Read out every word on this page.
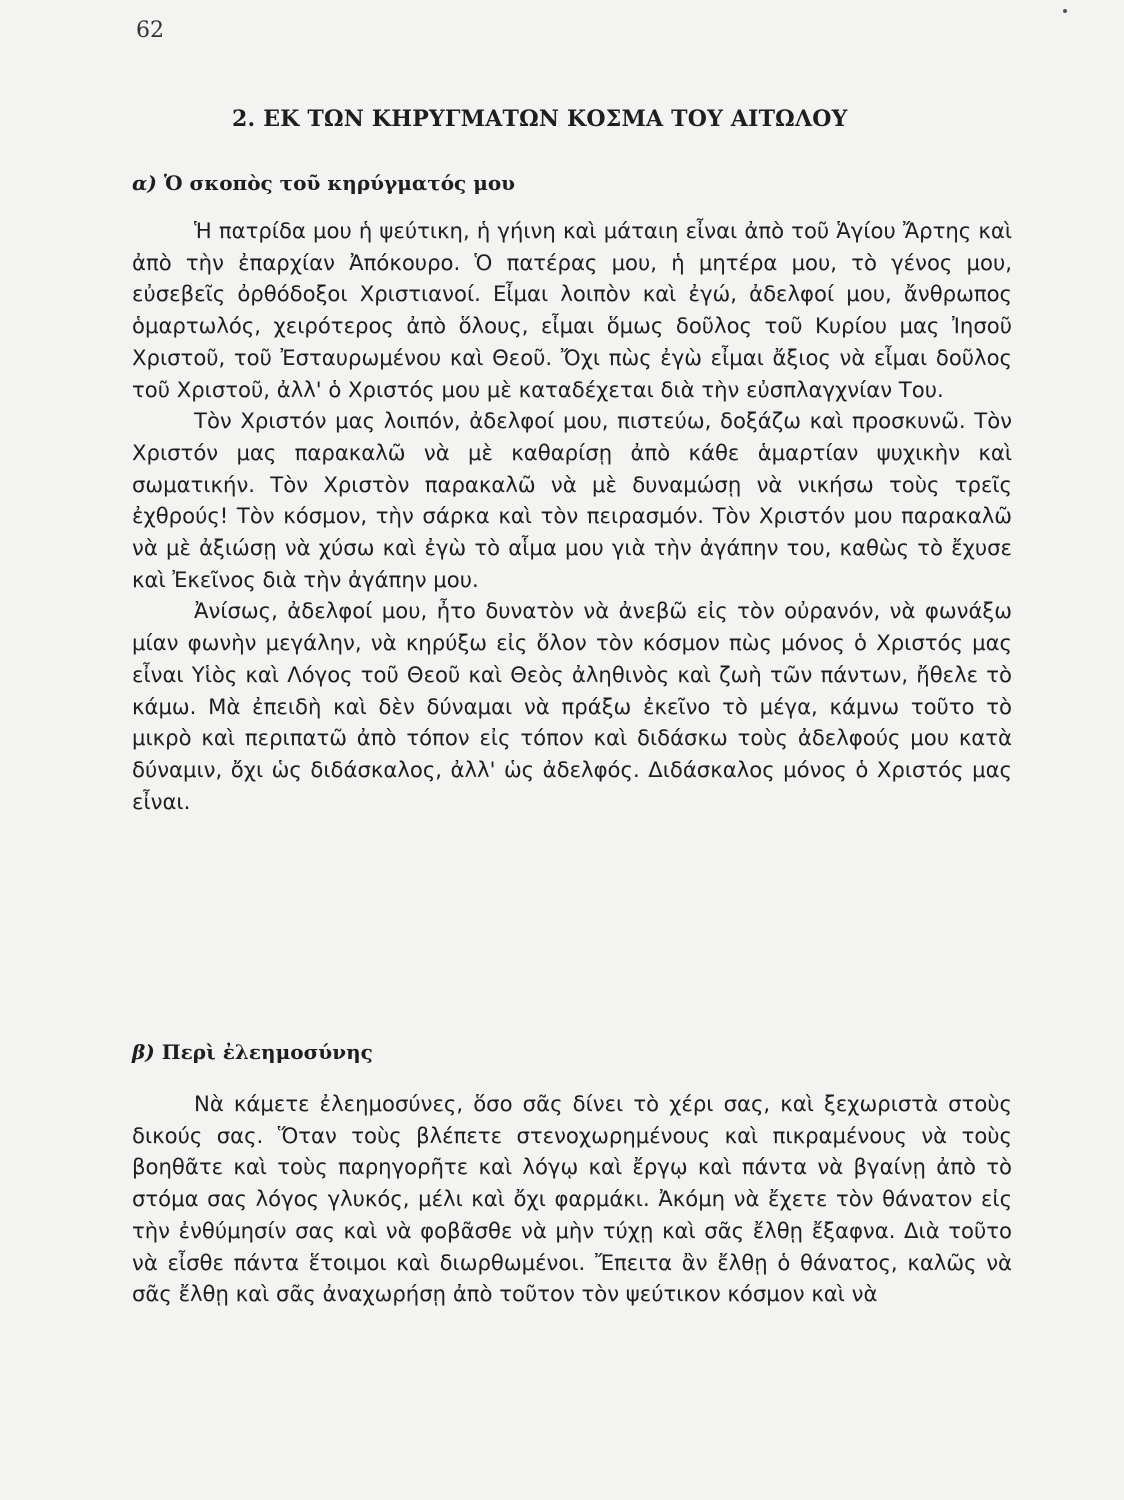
62

2. ΕΚ ΤΩΝ ΚΗΡΥΓΜΑΤΩΝ ΚΟΣΜΑ ΤΟΥ ΑΙΤΩΛΟΥ
α) Ὁ σκοπὸς τοῦ κηρύγματός μου

Ἡ πατρίδα μου ἡ ψεύτικη, ἡ γήινη καὶ μάταιη εἶναι ἀπὸ τοῦ Ἁγίου Ἄρτης καὶ ἀπὸ τὴν ἐπαρχίαν Ἀπόκουρο. Ὁ πατέρας μου, ἡ μητέρα μου, τὸ γένος μου, εὐσεβεῖς ὀρθόδοξοι Χριστιανοί. Εἶμαι λοιπὸν καὶ ἐγώ, ἀδελφοί μου, ἄνθρωπος ὁμαρτωλός, χειρότερος ἀπὸ ὅλους, εἶμαι ὅμως δοῦλος τοῦ Κυρίου μας Ἰησοῦ Χριστοῦ, τοῦ Ἐσταυρωμένου καὶ Θεοῦ. Ὄχι πὼς ἐγὼ εἶμαι ἄξιος νὰ εἶμαι δοῦλος τοῦ Χριστοῦ, ἀλλ' ὁ Χριστός μου μὲ καταδέχεται διὰ τὴν εὐσπλαγχνίαν Του.

Τὸν Χριστόν μας λοιπόν, ἀδελφοί μου, πιστεύω, δοξάζω καὶ προσκυνῶ. Τὸν Χριστόν μας παρακαλῶ νὰ μὲ καθαρίσῃ ἀπὸ κάθε ἁμαρτίαν ψυχικὴν καὶ σωματικήν. Τὸν Χριστὸν παρακαλῶ νὰ μὲ δυναμώσῃ νὰ νικήσω τοὺς τρεῖς ἐχθρούς! Τὸν κόσμον, τὴν σάρκα καὶ τὸν πειρασμόν. Τὸν Χριστόν μου παρακαλῶ νὰ μὲ ἀξιώσῃ νὰ χύσω καὶ ἐγὼ τὸ αἷμα μου γιὰ τὴν ἀγάπην του, καθὼς τὸ ἔχυσε καὶ Ἐκεῖνος διὰ τὴν ἀγάπην μου.

Ἀνίσως, ἀδελφοί μου, ἦτο δυνατὸν νὰ ἀνεβῶ εἰς τὸν οὐρανόν, νὰ φωνάξω μίαν φωνὴν μεγάλην, νὰ κηρύξω εἰς ὅλον τὸν κόσμον πὼς μόνος ὁ Χριστός μας εἶναι Υἱὸς καὶ Λόγος τοῦ Θεοῦ καὶ Θεὸς ἀληθινὸς καὶ ζωὴ τῶν πάντων, ἤθελε τὸ κάμω. Μὰ ἐπειδὴ καὶ δὲν δύναμαι νὰ πράξω ἐκεῖνο τὸ μέγα, κάμνω τοῦτο τὸ μικρὸ καὶ περιπατῶ ἀπὸ τόπον εἰς τόπον καὶ διδάσκω τοὺς ἀδελφούς μου κατὰ δύναμιν, ὄχι ὡς διδάσκαλος, ἀλλ' ὡς ἀδελφός. Διδάσκαλος μόνος ὁ Χριστός μας εἶναι.

β) Περὶ ἐλεημοσύνης

Νὰ κάμετε ἐλεημοσύνες, ὅσο σᾶς δίνει τὸ χέρι σας, καὶ ξεχωριστὰ στοὺς δικούς σας. Ὅταν τοὺς βλέπετε στενοχωρημένους καὶ πικραμένους νὰ τοὺς βοηθᾶτε καὶ τοὺς παρηγορῆτε καὶ λόγῳ καὶ ἔργῳ καὶ πάντα νὰ βγαίνῃ ἀπὸ τὸ στόμα σας λόγος γλυκός, μέλι καὶ ὄχι φαρμάκι. Ἀκόμη νὰ ἔχετε τὸν θάνατον εἰς τὴν ἐνθύμησίν σας καὶ νὰ φοβᾶσθε νὰ μὴν τύχῃ καὶ σᾶς ἔλθῃ ἔξαφνα. Διὰ τοῦτο νὰ εἶσθε πάντα ἕτοιμοι καὶ διωρθωμένοι. Ἔπειτα ἂν ἔλθῃ ὁ θάνατος, καλῶς νὰ σᾶς ἔλθῃ καὶ σᾶς ἀναχωρήσῃ ἀπὸ τοῦτον τὸν ψεύτικον κόσμον καὶ νὰ
